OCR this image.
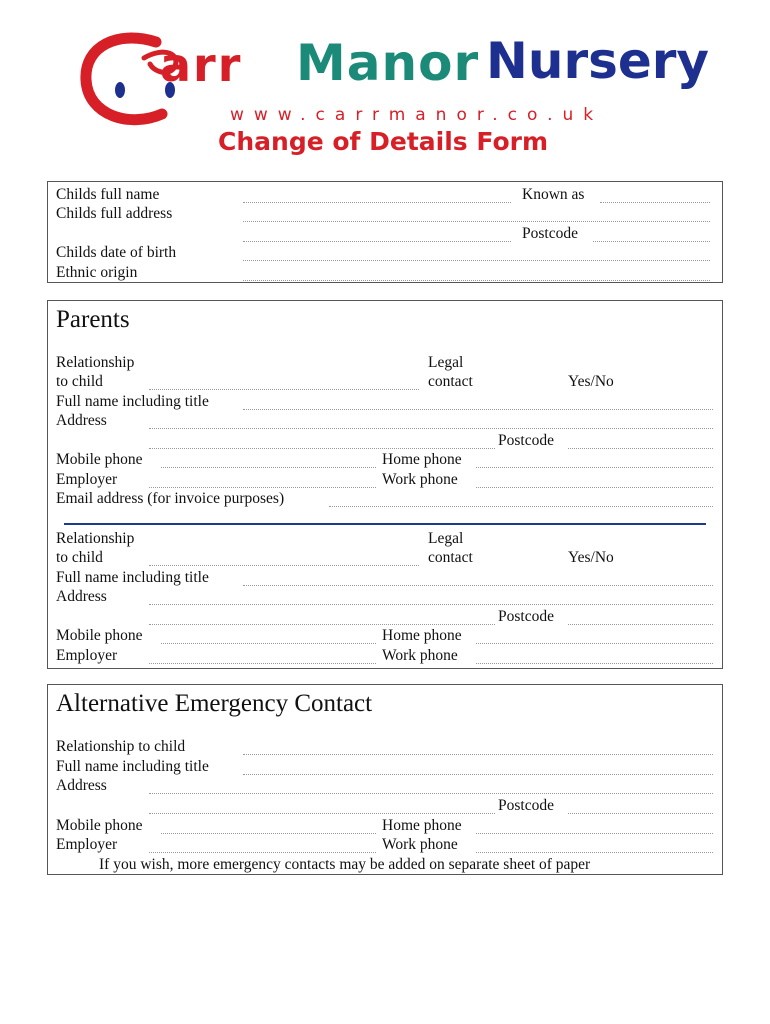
arr Manor Nursery
www.carrmanor.co.uk
Change of Details Form
Childs full name	Known as
Childs full address
Postcode
Childs date of birth
Ethnic origin
Parents
Relationship
to child
Legal
contact	Yes/No
Full name including title
Address
Postcode
Mobile phone	Home phone
Employer	Work phone
Email address (for invoice purposes)
Relationship
to child
Legal
contact	Yes/No
Full name including title
Address
Postcode
Mobile phone	Home phone
Employer	Work phone
Alternative Emergency Contact
Relationship to child
Full name including title
Address
Postcode
Mobile phone	Home phone
Employer	Work phone
If you wish, more emergency contacts may be added on separate sheet of paper
